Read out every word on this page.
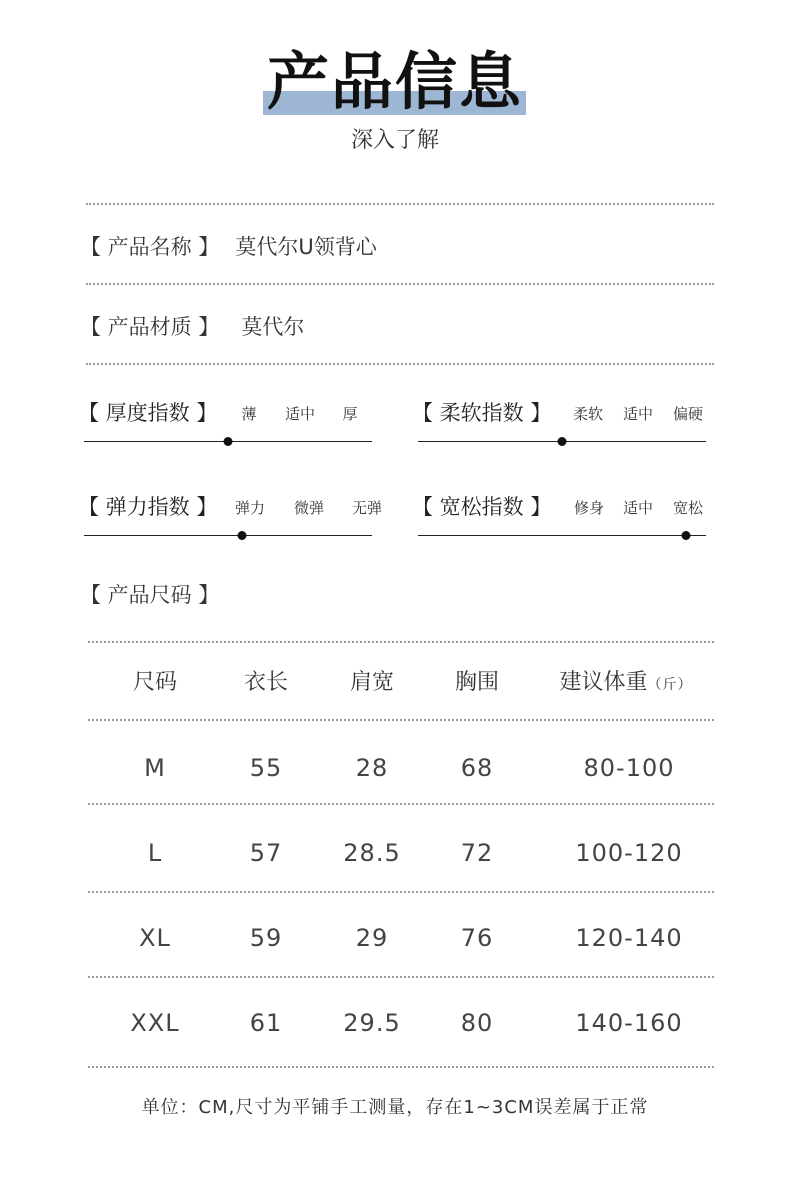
产品信息
深入了解
【 产品名称 】 莫代尔U领背心
【 产品材质 】 莫代尔
【 厚度指数 】 薄 适中 厚	【 柔软指数 】 柔软 适中 偏硬
【 弹力指数 】 弹力 微弹 无弹 【 宽松指数 】 修身 适中 宽松
【 产品尺码 】
尺码	衣长	肩宽	胸围	建议体重（斤）
M	55	28	68	80-100
L	57	28.5	72	100-120
XL	59	29	76	120-140
XXL	61	29.5	80	140-160
单位：CM,尺寸为平铺手工测量，存在1~3CM误差属于正常
